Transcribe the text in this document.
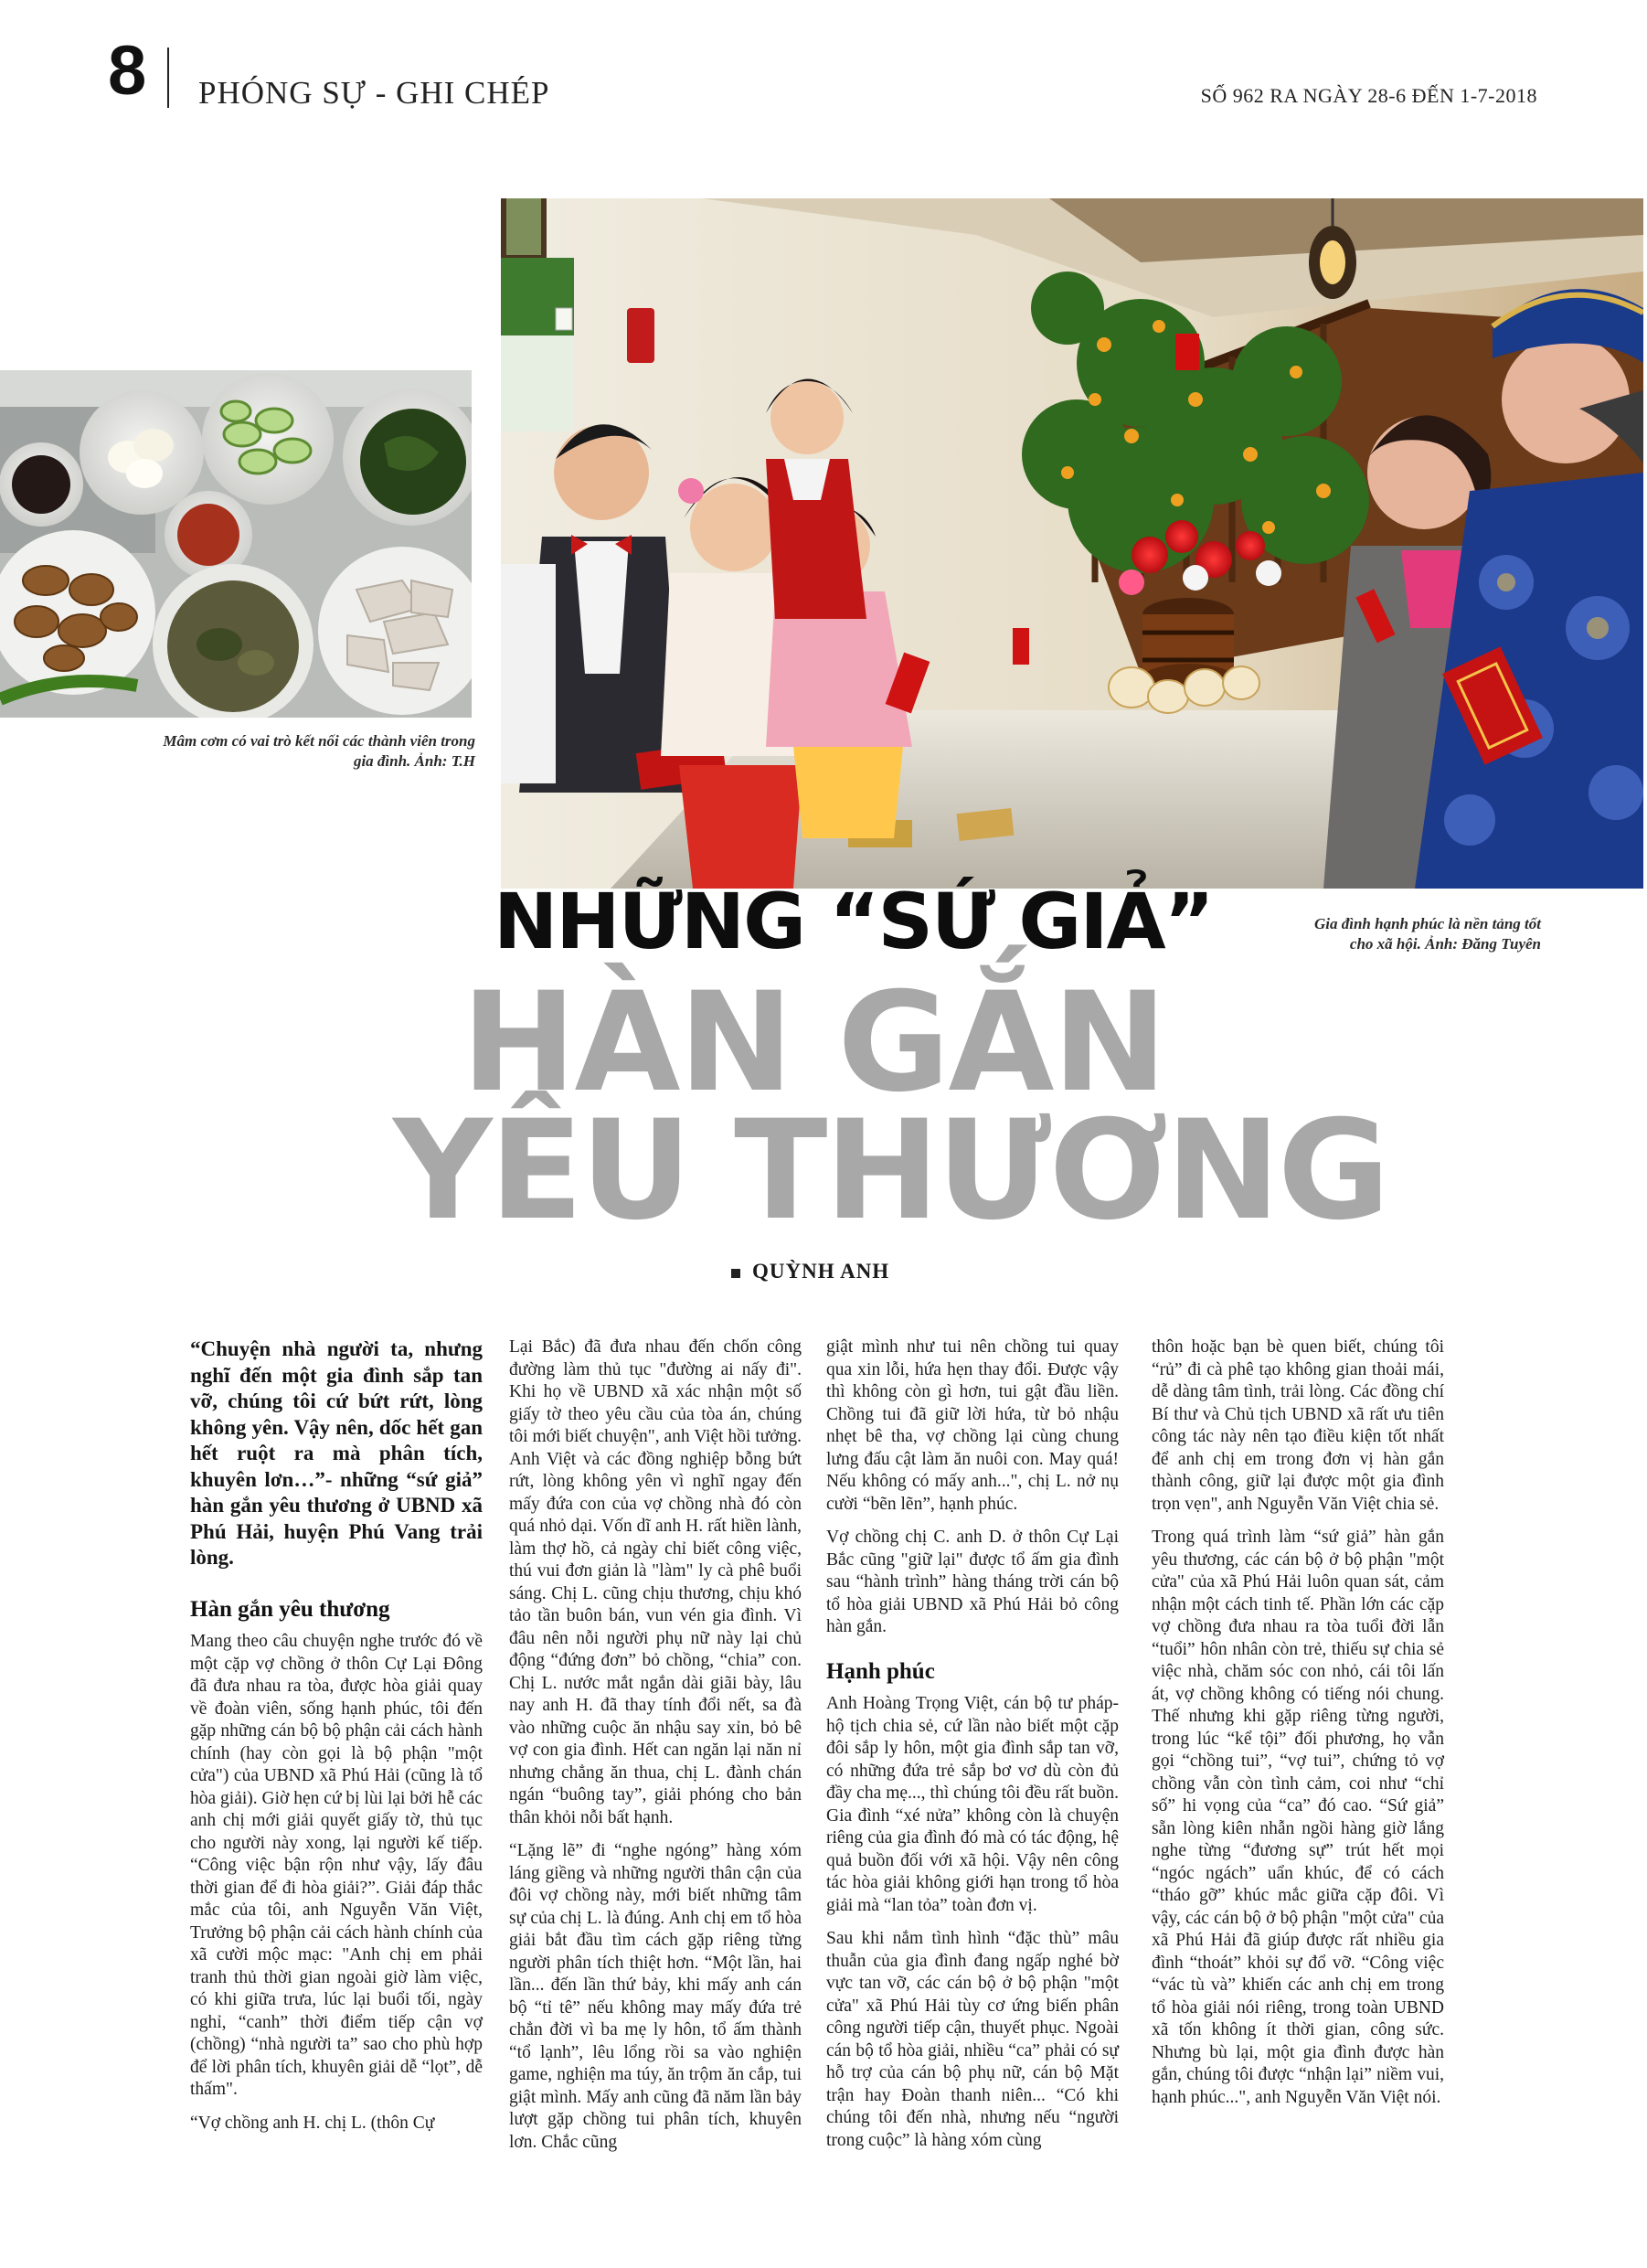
8 PHÓNG SỰ - GHI CHÉP	SỐ 962 RA NGÀY 28-6 ĐẾN 1-7-2018
Mâm cơm có vai trò kết nối các thành viên trong
gia đình. Ảnh: T.H
Gia đình hạnh phúc là nền tảng tốt
cho xã hội. Ảnh: Đăng Tuyên
NHỮNG “SỨ GIẢ”
HÀN GẮN
YÊU THƯƠNG
QUỲNH ANH
“Chuyện nhà người ta, nhưng nghĩ đến một gia đình sắp tan vỡ, chúng tôi cứ bứt rứt, lòng không yên. Vậy nên, dốc hết gan hết ruột ra mà phân tích, khuyên lơn…”- những “sứ giả” hàn gắn yêu thương ở UBND xã Phú Hải, huyện Phú Vang trải lòng.
Hàn gắn yêu thương

Mang theo câu chuyện nghe trước đó về một cặp vợ chồng ở thôn Cự Lại Đông đã đưa nhau ra tòa, được hòa giải quay về đoàn viên, sống hạnh phúc, tôi đến gặp những cán bộ bộ phận cải cách hành chính (hay còn gọi là bộ phận "một cửa") của UBND xã Phú Hải (cũng là tổ hòa giải). Giờ hẹn cứ bị lùi lại bởi hễ các anh chị mới giải quyết giấy tờ, thủ tục cho người này xong, lại người kế tiếp. “Công việc bận rộn như vậy, lấy đâu thời gian để đi hòa giải?”. Giải đáp thắc mắc của tôi, anh Nguyễn Văn Việt, Trưởng bộ phận cải cách hành chính của xã cười mộc mạc: "Anh chị em phải tranh thủ thời gian ngoài giờ làm việc, có khi giữa trưa, lúc lại buổi tối, ngày nghỉ, “canh” thời điểm tiếp cận vợ (chồng) “nhà người ta” sao cho phù hợp để lời phân tích, khuyên giải dễ “lọt”, dễ thấm".

“Vợ chồng anh H. chị L. (thôn Cự

Lại Bắc) đã đưa nhau đến chốn công đường làm thủ tục "đường ai nấy đi". Khi họ về UBND xã xác nhận một số giấy tờ theo yêu cầu của tòa án, chúng tôi mới biết chuyện", anh Việt hồi tưởng. Anh Việt và các đồng nghiệp bỗng bứt rứt, lòng không yên vì nghĩ ngay đến mấy đứa con của vợ chồng nhà đó còn quá nhỏ dại. Vốn dĩ anh H. rất hiền lành, làm thợ hồ, cả ngày chỉ biết công việc, thú vui đơn giản là "làm" ly cà phê buổi sáng. Chị L. cũng chịu thương, chịu khó tảo tần buôn bán, vun vén gia đình. Vì đâu nên nỗi người phụ nữ này lại chủ động “đứng đơn” bỏ chồng, “chia” con. Chị L. nước mắt ngắn dài giãi bày, lâu nay anh H. đã thay tính đổi nết, sa đà vào những cuộc ăn nhậu say xỉn, bỏ bê vợ con gia đình. Hết can ngăn lại năn nỉ nhưng chẳng ăn thua, chị L. đành chán ngán “buông tay”, giải phóng cho bản thân khỏi nỗi bất hạnh.

“Lặng lẽ” đi “nghe ngóng” hàng xóm láng giềng và những người thân cận của đôi vợ chồng này, mới biết những tâm sự của chị L. là đúng. Anh chị em tổ hòa giải bắt đầu tìm cách gặp riêng từng người phân tích thiệt hơn. “Một lần, hai lần... đến lần thứ bảy, khi mấy anh cán bộ “tỉ tê” nếu không may mấy đứa trẻ chẳn đời vì ba mẹ ly hôn, tổ ấm thành “tổ lạnh”, lêu lổng rồi sa vào nghiện game, nghiện ma túy, ăn trộm ăn cắp, tui giật mình. Mấy anh cũng đã năm lần bảy lượt gặp chồng tui phân tích, khuyên lơn. Chắc cũng

giật mình như tui nên chồng tui quay qua xin lỗi, hứa hẹn thay đổi. Được vậy thì không còn gì hơn, tui gật đầu liền. Chồng tui đã giữ lời hứa, từ bỏ nhậu nhẹt bê tha, vợ chồng lại cùng chung lưng đấu cật làm ăn nuôi con. May quá! Nếu không có mấy anh...", chị L. nở nụ cười “bẽn lẽn”, hạnh phúc.

Vợ chồng chị C. anh D. ở thôn Cự Lại Bắc cũng "giữ lại" được tổ ấm gia đình sau “hành trình” hàng tháng trời cán bộ tổ hòa giải UBND xã Phú Hải bỏ công hàn gắn.

Hạnh phúc

Anh Hoàng Trọng Việt, cán bộ tư pháp-hộ tịch chia sẻ, cứ lần nào biết một cặp đôi sắp ly hôn, một gia đình sắp tan vỡ, có những đứa trẻ sắp bơ vơ dù còn đủ đầy cha mẹ..., thì chúng tôi đều rất buồn. Gia đình “xé nửa” không còn là chuyện riêng của gia đình đó mà có tác động, hệ quả buồn đối với xã hội. Vậy nên công tác hòa giải không giới hạn trong tổ hòa giải mà “lan tỏa” toàn đơn vị.

Sau khi nắm tình hình “đặc thù” mâu thuẫn của gia đình đang ngấp nghé bờ vực tan vỡ, các cán bộ ở bộ phận "một cửa" xã Phú Hải tùy cơ ứng biến phân công người tiếp cận, thuyết phục. Ngoài cán bộ tổ hòa giải, nhiều “ca” phải có sự hỗ trợ của cán bộ phụ nữ, cán bộ Mặt trận hay Đoàn thanh niên... “Có khi chúng tôi đến nhà, nhưng nếu “người trong cuộc” là hàng xóm cùng

thôn hoặc bạn bè quen biết, chúng tôi “rủ” đi cà phê tạo không gian thoải mái, dễ dàng tâm tình, trải lòng. Các đồng chí Bí thư và Chủ tịch UBND xã rất ưu tiên công tác này nên tạo điều kiện tốt nhất để anh chị em trong đơn vị hàn gắn thành công, giữ lại được một gia đình trọn vẹn", anh Nguyễn Văn Việt chia sẻ.

Trong quá trình làm “sứ giả” hàn gắn yêu thương, các cán bộ ở bộ phận "một cửa" của xã Phú Hải luôn quan sát, cảm nhận một cách tinh tế. Phần lớn các cặp vợ chồng đưa nhau ra tòa tuổi đời lẫn “tuổi” hôn nhân còn trẻ, thiếu sự chia sẻ việc nhà, chăm sóc con nhỏ, cái tôi lấn át, vợ chồng không có tiếng nói chung. Thế nhưng khi gặp riêng từng người, trong lúc “kể tội” đối phương, họ vẫn gọi “chồng tui”, “vợ tui”, chứng tỏ vợ chồng vẫn còn tình cảm, coi như “chỉ số” hi vọng của “ca” đó cao. “Sứ giả” sẵn lòng kiên nhẫn ngồi hàng giờ lắng nghe từng “đương sự” trút hết mọi “ngóc ngách” uẩn khúc, để có cách “tháo gỡ” khúc mắc giữa cặp đôi. Vì vậy, các cán bộ ở bộ phận "một cửa" của xã Phú Hải đã giúp được rất nhiều gia đình “thoát” khỏi sự đổ vỡ. “Công việc “vác tù và” khiến các anh chị em trong tổ hòa giải nói riêng, trong toàn UBND xã tốn không ít thời gian, công sức. Nhưng bù lại, một gia đình được hàn gắn, chúng tôi được “nhận lại” niềm vui, hạnh phúc...", anh Nguyễn Văn Việt nói.
